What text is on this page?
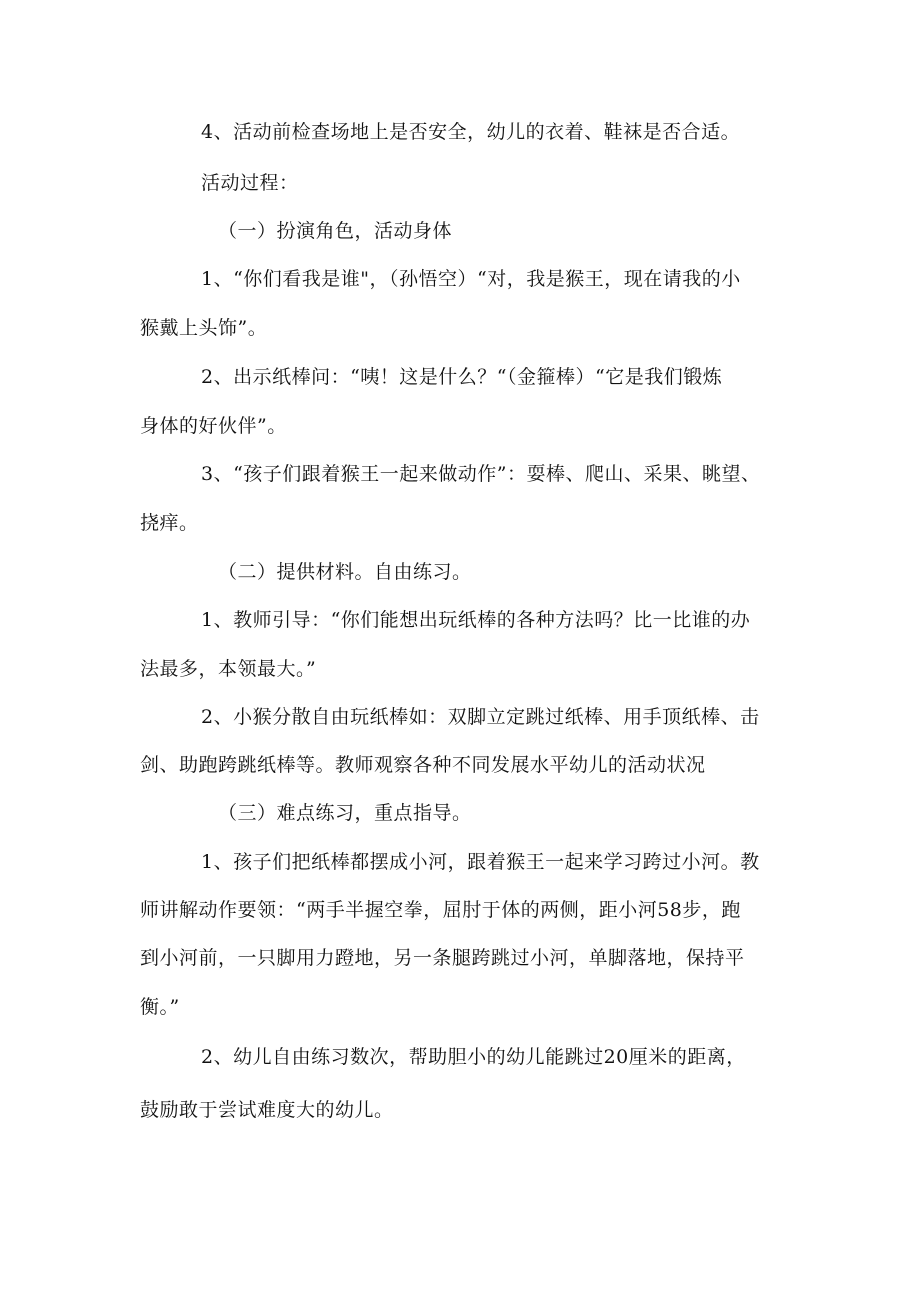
4、活动前检查场地上是否安全，幼儿的衣着、鞋袜是否合适。
活动过程：
（一）扮演角色，活动身体
1、“你们看我是谁"，（孙悟空）“对，我是猴王，现在请我的小
猴戴上头饰”。
2、出示纸棒问：“咦！这是什么？“（金箍棒）“它是我们锻炼
身体的好伙伴”。
3、“孩子们跟着猴王一起来做动作”：耍棒、爬山、采果、眺望、
挠痒。
（二）提供材料。自由练习。
1、教师引导：“你们能想出玩纸棒的各种方法吗？比一比谁的办
法最多，本领最大。”
2、小猴分散自由玩纸棒如：双脚立定跳过纸棒、用手顶纸棒、击
剑、助跑跨跳纸棒等。教师观察各种不同发展水平幼儿的活动状况
（三）难点练习，重点指导。
1、孩子们把纸棒都摆成小河，跟着猴王一起来学习跨过小河。教
师讲解动作要领：“两手半握空拳，屈肘于体的两侧，距小河58步，跑
到小河前，一只脚用力蹬地，另一条腿跨跳过小河，单脚落地，保持平
衡。”
2、幼儿自由练习数次，帮助胆小的幼儿能跳过20厘米的距离，
鼓励敢于尝试难度大的幼儿。
